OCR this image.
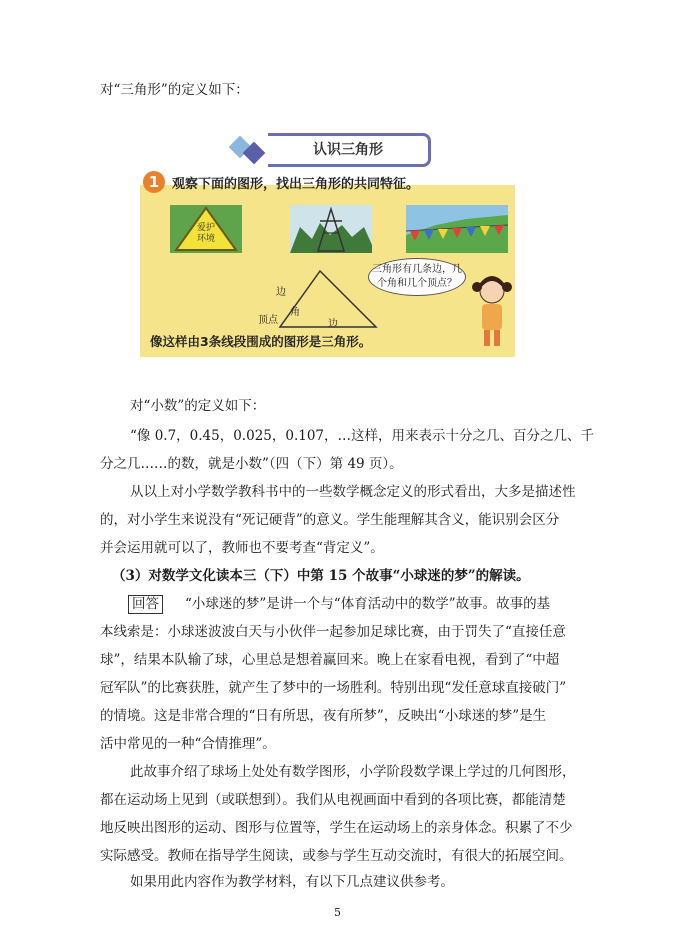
对“三角形”的定义如下：
认识三角形
1 观察下面的图形，找出三角形的共同特征。
爱护
环境
边
角
顶点	边
三角形有几条边，几个角和几个顶点？
像这样由3条线段围成的图形是三角形。
对“小数”的定义如下：
“像 0.7，0.45，0.025，0.107，…这样，用来表示十分之几、百分之几、千
分之几……的数，就是小数”（四（下）第 49 页）。
从以上对小学数学教科书中的一些数学概念定义的形式看出，大多是描述性
的，对小学生来说没有“死记硬背”的意义。学生能理解其含义，能识别会区分
并会运用就可以了，教师也不要考查“背定义”。
（3）对数学文化读本三（下）中第 15 个故事“小球迷的梦”的解读。
回答 “小球迷的梦”是讲一个与“体育活动中的数学”故事。故事的基
本线索是：小球迷波波白天与小伙伴一起参加足球比赛，由于罚失了“直接任意
球”，结果本队输了球，心里总是想着赢回来。晚上在家看电视，看到了“中超
冠军队”的比赛获胜，就产生了梦中的一场胜利。特别出现“发任意球直接破门”
的情境。这是非常合理的“日有所思，夜有所梦”，反映出“小球迷的梦”是生
活中常见的一种“合情推理”。
此故事介绍了球场上处处有数学图形，小学阶段数学课上学过的几何图形，
都在运动场上见到（或联想到）。我们从电视画面中看到的各项比赛，都能清楚
地反映出图形的运动、图形与位置等，学生在运动场上的亲身体念。积累了不少
实际感受。教师在指导学生阅读，或参与学生互动交流时，有很大的拓展空间。
如果用此内容作为教学材料，有以下几点建议供参考。
5
